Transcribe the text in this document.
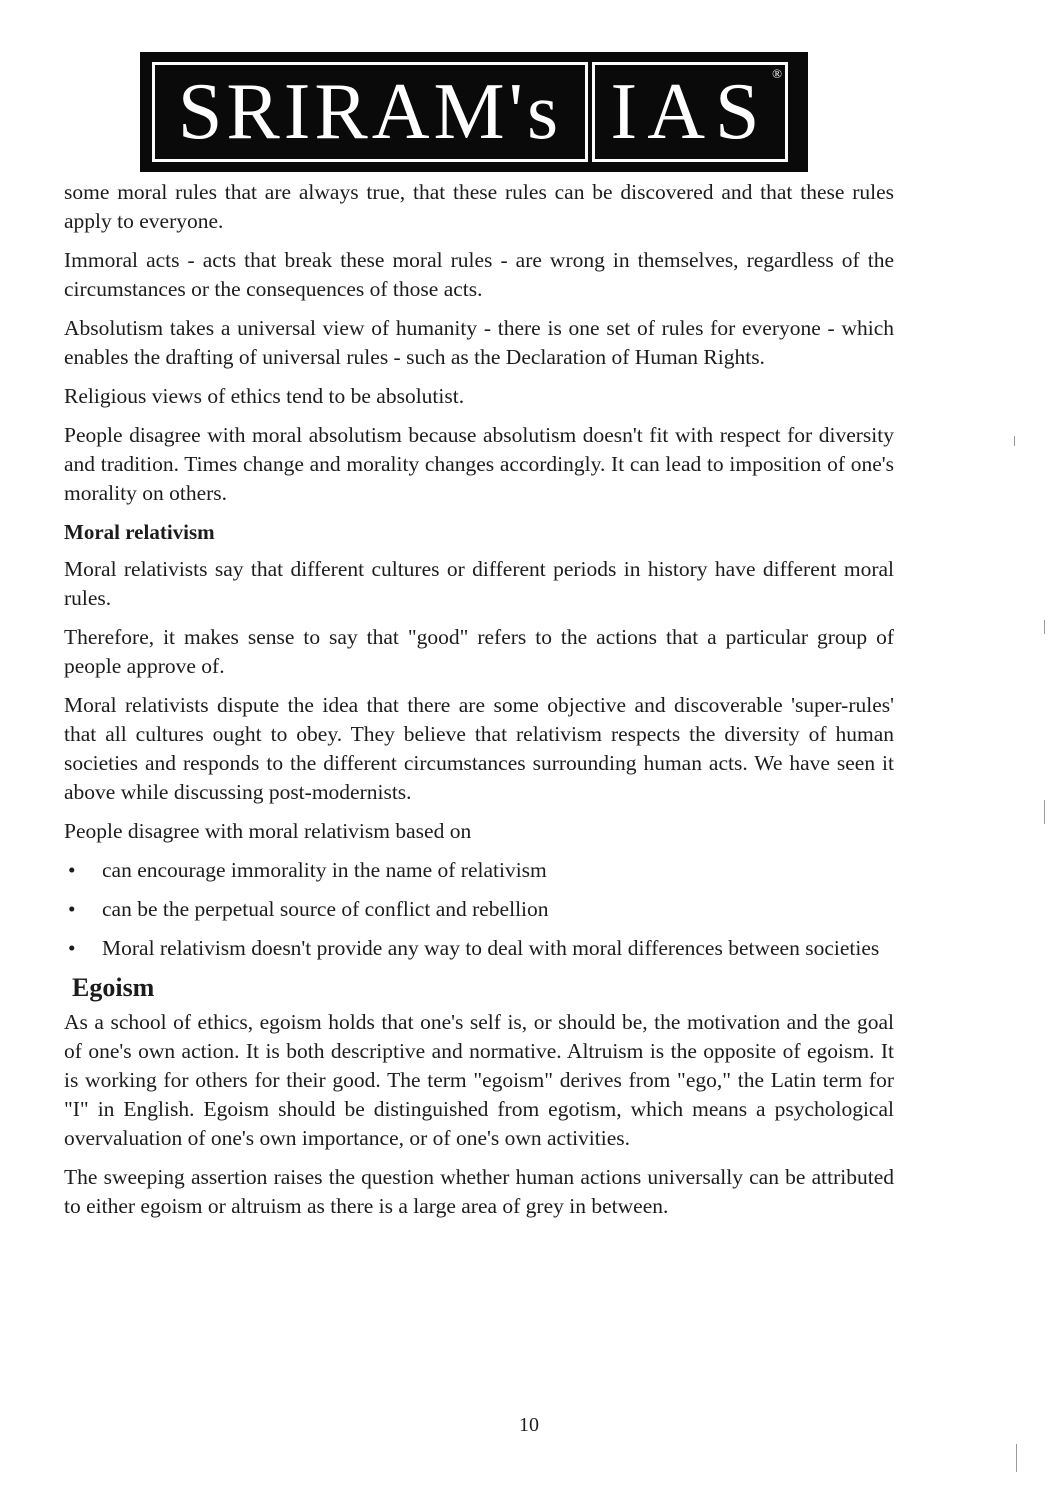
SRIRAM's IAS ®

some moral rules that are always true, that these rules can be discovered and that these rules apply to everyone.

Immoral acts - acts that break these moral rules - are wrong in themselves, regardless of the circumstances or the consequences of those acts.

Absolutism takes a universal view of humanity - there is one set of rules for everyone - which enables the drafting of universal rules - such as the Declaration of Human Rights.

Religious views of ethics tend to be absolutist.

People disagree with moral absolutism because absolutism doesn't fit with respect for diversity and tradition. Times change and morality changes accordingly. It can lead to imposition of one's morality on others.

Moral relativism

Moral relativists say that different cultures or different periods in history have different moral rules.

Therefore, it makes sense to say that "good" refers to the actions that a particular group of people approve of.

Moral relativists dispute the idea that there are some objective and discoverable 'super-rules' that all cultures ought to obey. They believe that relativism respects the diversity of human societies and responds to the different circumstances surrounding human acts. We have seen it above while discussing post-modernists.

People disagree with moral relativism based on

• can encourage immorality in the name of relativism
• can be the perpetual source of conflict and rebellion
• Moral relativism doesn't provide any way to deal with moral differences between societies
Egoism

As a school of ethics, egoism holds that one's self is, or should be, the motivation and the goal of one's own action. It is both descriptive and normative. Altruism is the opposite of egoism. It is working for others for their good. The term "egoism" derives from "ego," the Latin term for "I" in English. Egoism should be distinguished from egotism, which means a psychological overvaluation of one's own importance, or of one's own activities.

The sweeping assertion raises the question whether human actions universally can be attributed to either egoism or altruism as there is a large area of grey in between.

10
